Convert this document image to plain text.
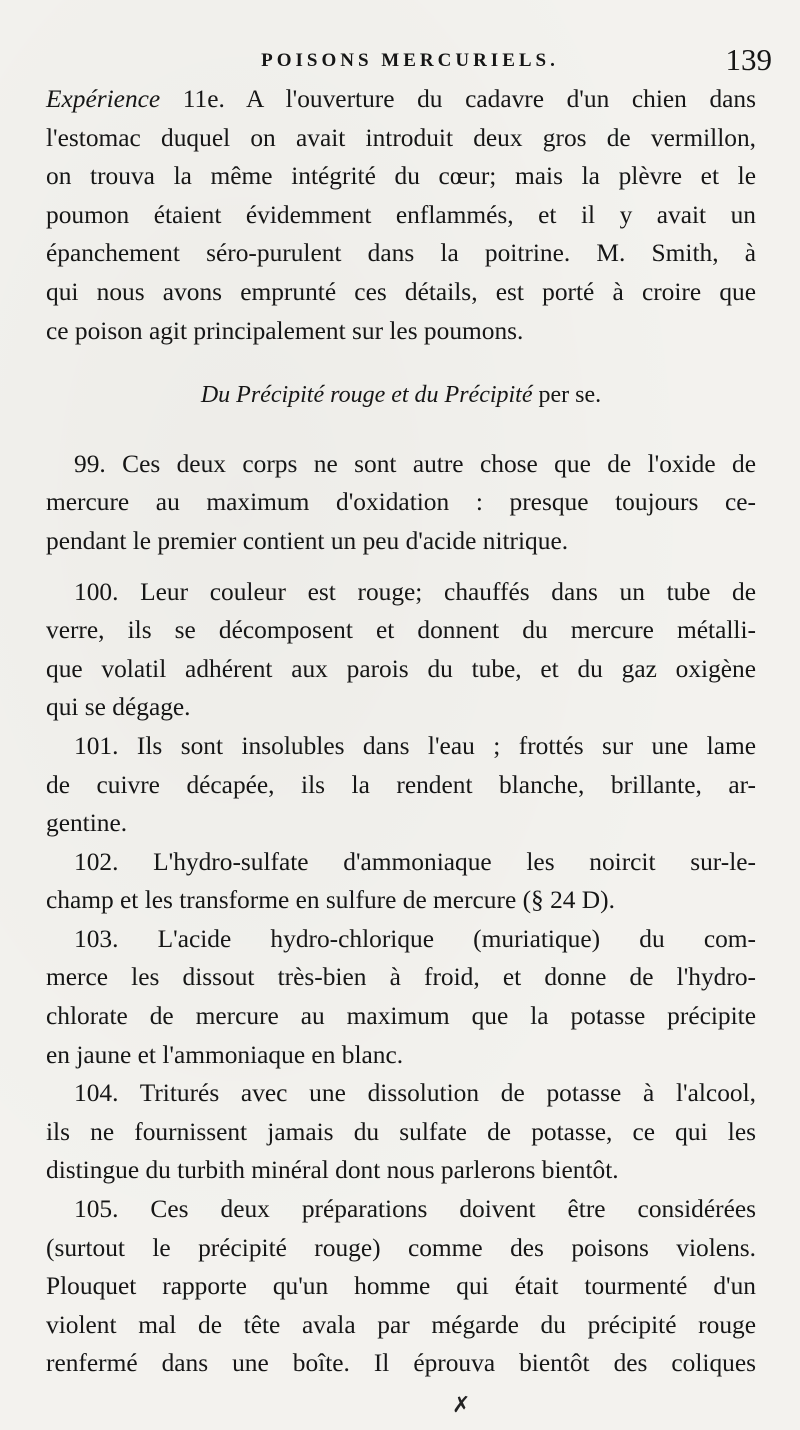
POISONS MERCURIELS.	139
Expérience 11e. A l'ouverture du cadavre d'un chien dans
l'estomac duquel on avait introduit deux gros de vermillon,
on trouva la même intégrité du cœur; mais la plèvre et le
poumon étaient évidemment enflammés, et il y avait un
épanchement séro-purulent dans la poitrine. M. Smith, à
qui nous avons emprunté ces détails, est porté à croire que
ce poison agit principalement sur les poumons.
Du Précipité rouge et du Précipité per se.
99. Ces deux corps ne sont autre chose que de l'oxide de
mercure au maximum d'oxidation : presque toujours ce-
pendant le premier contient un peu d'acide nitrique.
100. Leur couleur est rouge; chauffés dans un tube de
verre, ils se décomposent et donnent du mercure métalli-
que volatil adhérent aux parois du tube, et du gaz oxigène
qui se dégage.
101. Ils sont insolubles dans l'eau ; frottés sur une lame
de cuivre décapée, ils la rendent blanche, brillante, ar-
gentine.
102. L'hydro-sulfate d'ammoniaque les noircit sur-le-
champ et les transforme en sulfure de mercure (§ 24 D).
103. L'acide hydro-chlorique (muriatique) du com-
merce les dissout très-bien à froid, et donne de l'hydro-
chlorate de mercure au maximum que la potasse précipite
en jaune et l'ammoniaque en blanc.
104. Triturés avec une dissolution de potasse à l'alcool,
ils ne fournissent jamais du sulfate de potasse, ce qui les
distingue du turbith minéral dont nous parlerons bientôt.
105. Ces deux préparations doivent être considérées
(surtout le précipité rouge) comme des poisons violens.
Plouquet rapporte qu'un homme qui était tourmenté d'un
violent mal de tête avala par mégarde du précipité rouge
renfermé dans une boîte. Il éprouva bientôt des coliques
✗
